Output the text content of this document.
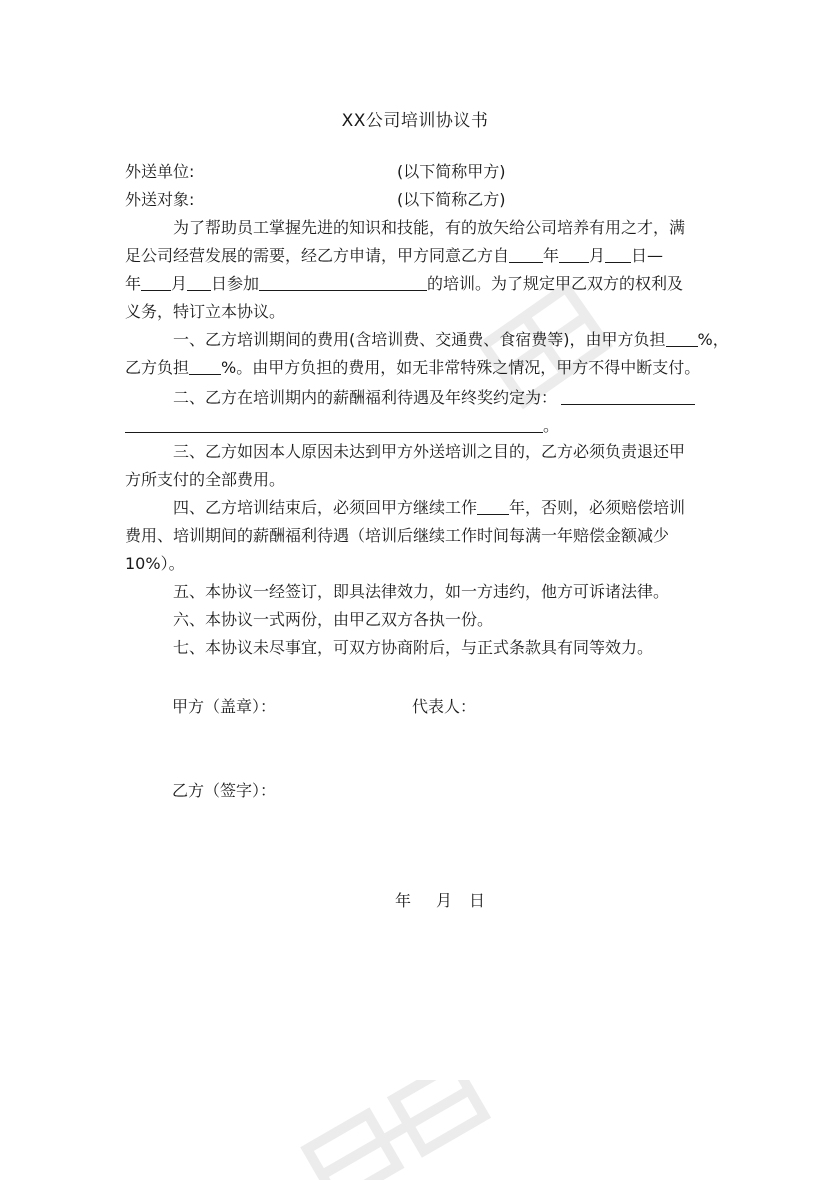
XX公司培训协议书
外送单位:	(以下简称甲方)
外送对象:	(以下简称乙方)
为了帮助员工掌握先进的知识和技能，有的放矢给公司培养有用之才，满
足公司经营发展的需要，经乙方申请，甲方同意乙方自 年 月 日—
年 月 日参加	的培训。为了规定甲乙双方的权利及
义务，特订立本协议。
一、乙方培训期间的费用(含培训费、交通费、食宿费等)，由甲方负担 %，
乙方负担 %。由甲方负担的费用，如无非常特殊之情况，甲方不得中断支付。
二、乙方在培训期内的薪酬福利待遇及年终奖约定为：
。
三、乙方如因本人原因未达到甲方外送培训之目的，乙方必须负责退还甲
方所支付的全部费用。
四、乙方培训结束后，必须回甲方继续工作 年，否则，必须赔偿培训
费用、培训期间的薪酬福利待遇（培训后继续工作时间每满一年赔偿金额减少
10%）。
五、本协议一经签订，即具法律效力，如一方违约，他方可诉诸法律。
六、本协议一式两份，由甲乙双方各执一份。
七、本协议未尽事宜，可双方协商附后，与正式条款具有同等效力。
甲方（盖章）：	代表人：
乙方（签字）：
年 月 日
